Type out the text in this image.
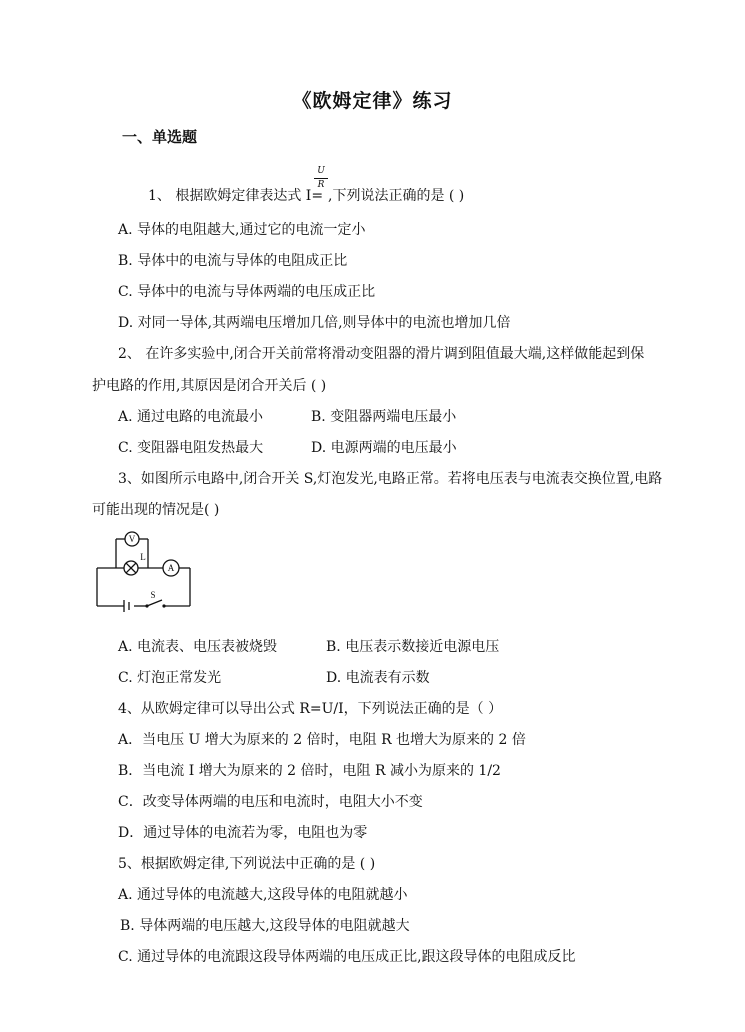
《欧姆定律》练习
一、单选题
1、 根据欧姆定律表达式 I=
U
R
,下列说法正确的是 ( )
A. 导体的电阻越大,通过它的电流一定小
B. 导体中的电流与导体的电阻成正比
C. 导体中的电流与导体两端的电压成正比
D. 对同一导体,其两端电压增加几倍,则导体中的电流也增加几倍
2、 在许多实验中,闭合开关前常将滑动变阻器的滑片调到阻值最大端,这样做能起到保
护电路的作用,其原因是闭合开关后 ( )
A. 通过电路的电流最小	B. 变阻器两端电压最小
C. 变阻器电阻发热最大	D. 电源两端的电压最小
3、如图所示电路中,闭合开关 S,灯泡发光,电路正常。若将电压表与电流表交换位置,电路
可能出现的情况是( )
V
A
L
S
A. 电流表、电压表被烧毁	B. 电压表示数接近电源电压
C. 灯泡正常发光	D. 电流表有示数
4、从欧姆定律可以导出公式 R=U/I，下列说法正确的是（ ）
A．当电压 U 增大为原来的 2 倍时，电阻 R 也增大为原来的 2 倍
B．当电流 I 增大为原来的 2 倍时，电阻 R 减小为原来的 1/2
C．改变导体两端的电压和电流时，电阻大小不变
D．通过导体的电流若为零，电阻也为零
5、根据欧姆定律,下列说法中正确的是 ( )
A. 通过导体的电流越大,这段导体的电阻就越小
B. 导体两端的电压越大,这段导体的电阻就越大
C. 通过导体的电流跟这段导体两端的电压成正比,跟这段导体的电阻成反比
